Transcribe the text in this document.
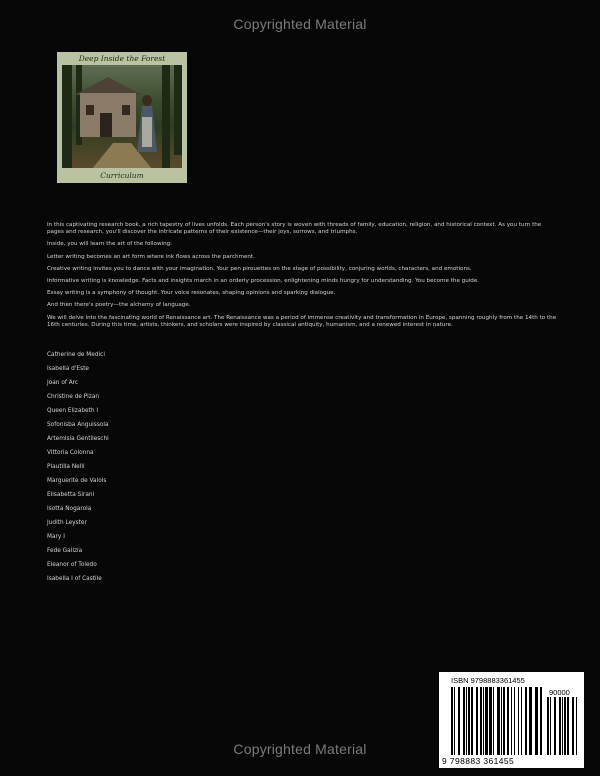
Copyrighted Material
Deep Inside the Forest
Curriculum

In this captivating research book, a rich tapestry of lives unfolds. Each person's story is woven with threads of family, education, religion, and historical context. As you turn the pages and research, you'll discover the intricate patterns of their existence—their joys, sorrows, and triumphs.

Inside, you will learn the art of the following:

Letter writing becomes an art form where ink flows across the parchment.

Creative writing invites you to dance with your imagination. Your pen pirouettes on the stage of possibility, conjuring worlds, characters, and emotions.

Informative writing is knowledge. Facts and insights march in an orderly procession, enlightening minds hungry for understanding. You become the guide.

Essay writing is a symphony of thought. Your voice resonates, shaping opinions and sparking dialogue.

And then there's poetry—the alchemy of language.

We will delve into the fascinating world of Renaissance art. The Renaissance was a period of immense creativity and transformation in Europe, spanning roughly from the 14th to the 16th centuries. During this time, artists, thinkers, and scholars were inspired by classical antiquity, humanism, and a renewed interest in nature.

Catherine de Medici
Isabella d'Este
Joan of Arc
Christine de Pizan
Queen Elizabeth I
Sofonisba Anguissola
Artemisia Gentileschi
Vittoria Colonna
Plautilla Nelli
Marguerite de Valois
Elisabetta Sirani
Isotta Nogarola
Judith Leyster
Mary I
Fede Galizia
Eleanor of Toledo
Isabella I of Castile
ISBN 9798883361455
90000
9 798883 361455
Copyrighted Material
